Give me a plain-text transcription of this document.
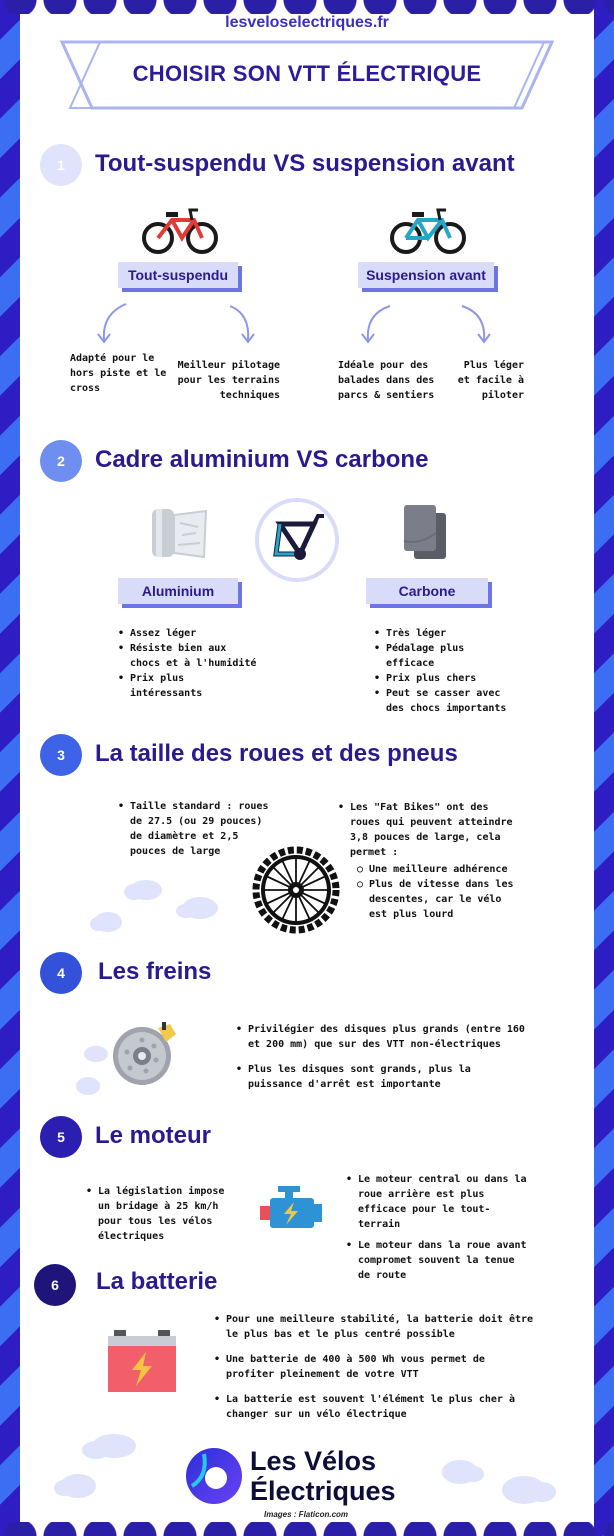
lesveloselectriques.fr
CHOISIR SON VTT ÉLECTRIQUE
1	Tout-suspendu VS suspension avant
Tout-suspendu	Suspension avant
Adapté pour le hors piste et le cross
Meilleur pilotage pour les terrains techniques
Idéale pour des balades dans des parcs & sentiers
Plus léger et facile à piloter
2	Cadre aluminium VS carbone
Aluminium	Carbone
• Assez léger
• Résiste bien aux chocs et à l'humidité
• Prix plus intéressants
• Très léger
• Pédalage plus efficace
• Prix plus chers
• Peut se casser avec des chocs importants
3	La taille des roues et des pneus
• Taille standard : roues de 27.5 (ou 29 pouces) de diamètre et 2,5 pouces de large
• Les "Fat Bikes" ont des roues qui peuvent atteindre 3,8 pouces de large, cela permet :
○ Une meilleure adhérence
○ Plus de vitesse dans les descentes, car le vélo est plus lourd
4	Les freins
• Privilégier des disques plus grands (entre 160 et 200 mm) que sur des VTT non-électriques
• Plus les disques sont grands, plus la puissance d'arrêt est importante
5	Le moteur
• La législation impose un bridage à 25 km/h pour tous les vélos électriques
• Le moteur central ou dans la roue arrière est plus efficace pour le tout-terrain
• Le moteur dans la roue avant compromet souvent la tenue de route
6	La batterie
• Pour une meilleure stabilité, la batterie doit être le plus bas et le plus centré possible
• Une batterie de 400 à 500 Wh vous permet de profiter pleinement de votre VTT
• La batterie est souvent l'élément le plus cher à changer sur un vélo électrique
Les Vélos
Électriques
Images : Flaticon.com
